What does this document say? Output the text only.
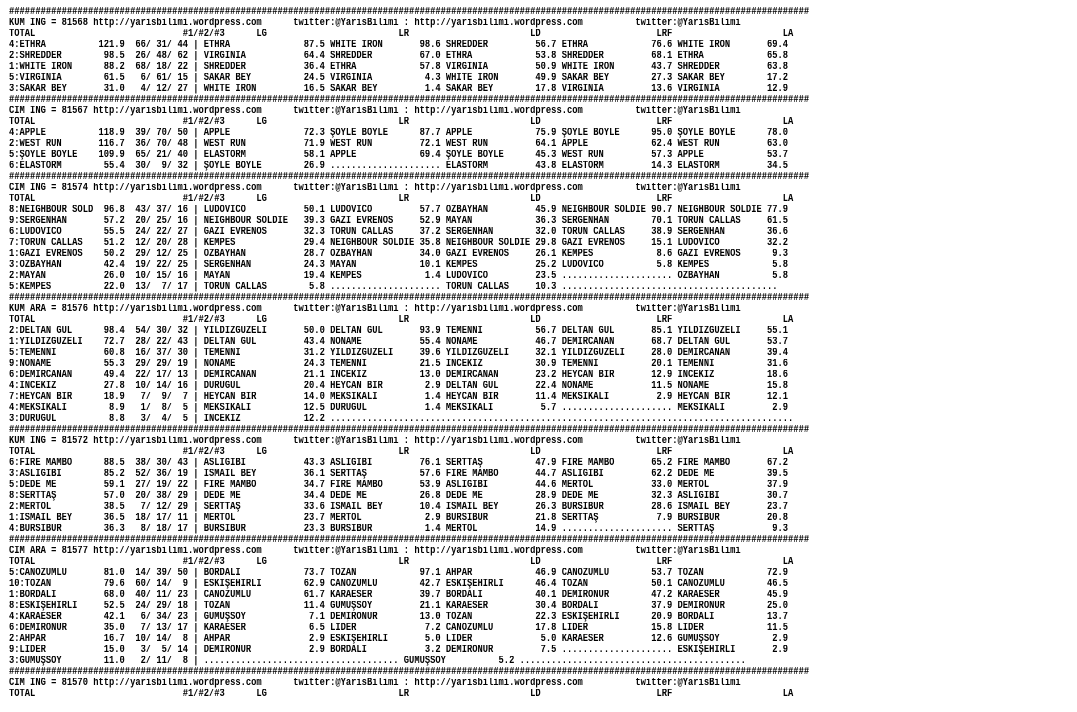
########################################################################################################################################################
KUM İNG = 81568 http://yarisbilimi.wordpress.com      twitter:@YarisBilimi : http://yarisbilimi.wordpress.com          twitter:@YarisBilimi
TOTAL                            #1/#2/#3      LG                         LR                       LD                      LRF                     LA
4:ETHRA          121.9  66/ 31/ 44 | ETHRA              87.5 WHITE IRON       98.6 SHREDDER         56.7 ETHRA            76.6 WHITE IRON       69.4
2:SHREDDER        98.5  26/ 48/ 62 | VIRGINIA           64.4 SHREDDER         67.0 ETHRA            53.8 SHREDDER         68.1 ETHRA            65.8
1:WHITE IRON      88.2  68/ 18/ 22 | SHREDDER           36.4 ETHRA            57.8 VIRGINIA         50.9 WHITE IRON       43.7 SHREDDER         63.8
5:VIRGINIA        61.5   6/ 61/ 15 | SAKAR BEY          24.5 VIRGINIA          4.3 WHITE IRON       49.9 SAKAR BEY        27.3 SAKAR BEY        17.2
3:SAKAR BEY       31.0   4/ 12/ 27 | WHITE IRON         16.5 SAKAR BEY         1.4 SAKAR BEY        17.8 VIRGINIA         13.6 VIRGINIA         12.9
########################################################################################################################################################
CIM İNG = 81567 http://yarisbilimi.wordpress.com      twitter:@YarisBilimi : http://yarisbilimi.wordpress.com          twitter:@YarisBilimi
TOTAL                            #1/#2/#3      LG                         LR                       LD                      LRF                     LA
4:APPLE          118.9  39/ 70/ 50 | APPLE              72.3 ŞÖYLE BÖYLE      87.7 APPLE            75.9 ŞÖYLE BÖYLE      95.0 ŞÖYLE BÖYLE      78.0
2:WEST RUN       116.7  36/ 70/ 48 | WEST RUN           71.9 WEST RUN         72.1 WEST RUN         64.1 APPLE            62.4 WEST RUN         63.0
5:ŞÖYLE BÖYLE    109.9  65/ 21/ 40 | ELASTORM           58.1 APPLE            69.4 ŞÖYLE BÖYLE      45.3 WEST RUN         57.3 APPLE            53.7
6:ELASTORM        55.4  30/  9/ 32 | ŞÖYLE BÖYLE        26.9 ..................... ELASTORM         43.8 ELASTORM         14.3 ELASTORM         34.5
########################################################################################################################################################
CIM İNG = 81574 http://yarisbilimi.wordpress.com      twitter:@YarisBilimi : http://yarisbilimi.wordpress.com          twitter:@YarisBilimi
TOTAL                            #1/#2/#3      LG                         LR                       LD                      LRF                     LA
8:NEIGHBOUR SOLD  96.8  43/ 37/ 16 | LUDOVICO           50.1 LUDOVICO         57.7 ÖZBAYHAN         45.9 NEIGHBOUR SOLDIE 90.7 NEIGHBOUR SOLDIE 77.9
9:SERGENHAN       57.2  20/ 25/ 16 | NEIGHBOUR SOLDIE   39.3 GAZİ EVRENOS     52.9 MAYAN            36.3 SERGENHAN        70.1 TORUN CALLAS     61.5
6:LUDOVICO        55.5  24/ 22/ 27 | GAZİ EVRENOS       32.3 TORUN CALLAS     37.2 SERGENHAN        32.0 TORUN CALLAS     38.9 SERGENHAN        36.6
7:TORUN CALLAS    51.2  12/ 20/ 28 | KEMPES             29.4 NEIGHBOUR SOLDIE 35.8 NEIGHBOUR SOLDIE 29.8 GAZİ EVRENOS     15.1 LUDOVICO         32.2
1:GAZİ EVRENOS    50.2  29/ 12/ 25 | ÖZBAYHAN           28.7 ÖZBAYHAN         34.0 GAZİ EVRENOS     26.1 KEMPES            8.6 GAZİ EVRENOS      9.3
3:ÖZBAYHAN        42.4  19/ 22/ 25 | SERGENHAN          24.3 MAYAN            10.1 KEMPES           25.2 LUDOVICO          5.8 KEMPES            5.8
2:MAYAN           26.0  10/ 15/ 16 | MAYAN              19.4 KEMPES            1.4 LUDOVICO         23.5 ..................... ÖZBAYHAN          5.8
5:KEMPES          22.0  13/  7/ 17 | TORUN CALLAS        5.8 ..................... TORUN CALLAS     10.3 .........................................
########################################################################################################################################################
KUM ARA = 81576 http://yarisbilimi.wordpress.com      twitter:@YarisBilimi : http://yarisbilimi.wordpress.com          twitter:@YarisBilimi
TOTAL                            #1/#2/#3      LG                         LR                       LD                      LRF                     LA
2:DELTAN GÜL      98.4  54/ 30/ 32 | YILDIZGÜZELİ       50.0 DELTAN GÜL       93.9 TEMENNİ          56.7 DELTAN GÜL       85.1 YILDIZGÜZELİ     55.1
1:YILDIZGÜZELİ    72.7  28/ 22/ 43 | DELTAN GÜL         43.4 NONAME           55.4 NONAME           46.7 DEMİRCANAN       68.7 DELTAN GÜL       53.7
5:TEMENNİ         60.8  16/ 37/ 30 | TEMENNİ            31.2 YILDIZGÜZELİ     39.6 YILDIZGÜZELİ     32.1 YILDIZGÜZELİ     28.0 DEMİRCANAN       39.4
9:NONAME          55.3  29/ 29/ 19 | NONAME             24.3 TEMENNİ          21.5 İNCEKIZ          30.9 TEMENNİ          20.1 TEMENNİ          31.6
6:DEMİRCANAN      49.4  22/ 17/ 13 | DEMİRCANAN         21.1 İNCEKIZ          13.0 DEMİRCANAN       23.2 HEYCAN BİR       12.9 İNCEKIZ          18.6
4:İNCEKIZ         27.8  10/ 14/ 16 | DURUGÜL            20.4 HEYCAN BİR        2.9 DELTAN GÜL       22.4 NONAME           11.5 NONAME           15.8
7:HEYCAN BİR      18.9   7/  9/  7 | HEYCAN BİR         14.0 MEKSİKALİ         1.4 HEYCAN BİR       11.4 MEKSİKALİ         2.9 HEYCAN BİR       12.1
4:MEKSİKALİ        8.9   1/  8/  5 | MEKSİKALİ          12.5 DURUGÜL           1.4 MEKSİKALİ         5.7 ..................... MEKSİKALİ         2.9
3:DURUGÜL          8.8   3/  4/  5 | İNCEKIZ            12.2 ........................................................................................
########################################################################################################################################################
KUM İNG = 81572 http://yarisbilimi.wordpress.com      twitter:@YarisBilimi : http://yarisbilimi.wordpress.com          twitter:@YarisBilimi
TOTAL                            #1/#2/#3      LG                         LR                       LD                      LRF                     LA
6:FIRE MAMBO      88.5  38/ 30/ 43 | ASLIGIBI           43.3 ASLIGIBI         76.1 SERTTAŞ          47.9 FIRE MAMBO       65.2 FIRE MAMBO       67.2
3:ASLIGIBI        85.2  52/ 36/ 19 | İSMAİL BEY         36.1 SERTTAŞ          57.6 FIRE MAMBO       44.7 ASLIGIBI         62.2 DEDE ME          39.5
5:DEDE ME         59.1  27/ 19/ 22 | FIRE MAMBO         34.7 FIRE MAMBO       53.9 ASLIGIBI         44.6 MERTOL           33.0 MERTOL           37.9
8:SERTTAŞ         57.0  20/ 38/ 29 | DEDE ME            34.4 DEDE ME          26.8 DEDE ME          28.9 DEDE ME          32.3 ASLIGIBI         30.7
2:MERTOL          38.5   7/ 12/ 29 | SERTTAŞ            33.6 İSMAİL BEY       10.4 İSMAİL BEY       26.3 BURSIBUR         28.6 İSMAİL BEY       23.7
1:İSMAİL BEY      36.5  18/ 17/ 11 | MERTOL             23.7 MERTOL            2.9 BURSIBUR         21.8 SERTTAŞ           7.9 BURSIBUR         20.8
4:BURSIBUR        36.3   8/ 18/ 17 | BURSIBUR           23.3 BURSIBUR          1.4 MERTOL           14.9 ..................... SERTTAŞ           9.3
########################################################################################################################################################
CIM ARA = 81577 http://yarisbilimi.wordpress.com      twitter:@YarisBilimi : http://yarisbilimi.wordpress.com          twitter:@YarisBilimi
TOTAL                            #1/#2/#3      LG                         LR                       LD                      LRF                     LA
5:CANÖZÜMLÜ       81.0  14/ 39/ 50 | BORDALI            73.7 TOZAN            97.1 AHPAR            46.9 CANÖZÜMLÜ        53.7 TOZAN            72.9
10:TOZAN          79.6  60/ 14/  9 | ESKİŞEHİRLİ        62.9 CANÖZÜMLÜ        42.7 ESKİŞEHİRLİ      46.4 TOZAN            50.1 CANÖZÜMLÜ        46.5
1:BORDALI         68.0  40/ 11/ 23 | CANÖZÜMLÜ          61.7 KARAESER         39.7 BORDALI          40.1 DEMİRONUR        47.2 KARAESER         45.9
8:ESKİŞEHİRLİ     52.5  24/ 29/ 18 | TOZAN              11.4 GÜMÜŞSOY         21.1 KARAESER         30.4 BORDALI          37.9 DEMİRONUR        25.0
4:KARAESER        42.1   6/ 34/ 23 | GÜMÜŞSOY            7.1 DEMİRONUR        13.0 TOZAN            22.3 ESKİŞEHİRLİ      20.9 BORDALI          13.7
6:DEMİRONUR       35.0   7/ 13/ 17 | KARAESER            6.5 LİDER             7.2 CANÖZÜMLÜ        17.8 LİDER            15.8 LİDER            11.5
2:AHPAR           16.7  10/ 14/  8 | AHPAR               2.9 ESKİŞEHİRLİ       5.0 LİDER             5.0 KARAESER         12.6 GÜMÜŞSOY          2.9
9:LİDER           15.0   3/  5/ 14 | DEMİRONUR           2.9 BORDALI           3.2 DEMİRONUR         7.5 ..................... ESKİŞEHİRLİ       2.9
3:GÜMÜŞSOY        11.0   2/ 11/  8 | ..................................... GÜMÜŞSOY          5.2 ...........................................
########################################################################################################################################################
CIM İNG = 81570 http://yarisbilimi.wordpress.com      twitter:@YarisBilimi : http://yarisbilimi.wordpress.com          twitter:@YarisBilimi
TOTAL                            #1/#2/#3      LG                         LR                       LD                      LRF                     LA
